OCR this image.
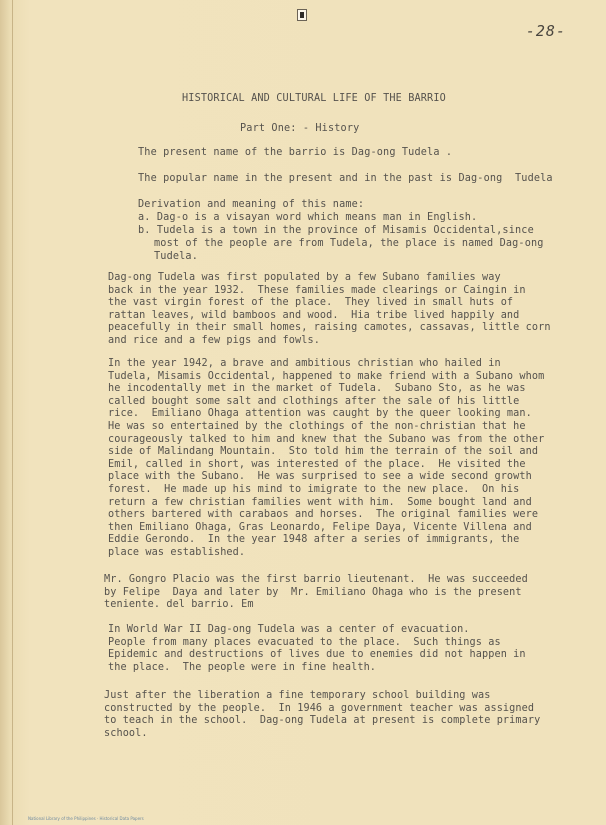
-28-
HISTORICAL AND CULTURAL LIFE OF THE BARRIO
Part One: - History
The present name of the barrio is Dag-ong Tudela .
The popular name in the present and in the past is Dag-ong  Tudela
Derivation and meaning of this name:
a. Dag-o is a visayan word which means man in English.
b. Tudela is a town in the province of Misamis Occidental,since
most of the people are from Tudela, the place is named Dag-ong
Tudela.
Dag-ong Tudela was first populated by a few Subano families way
back in the year 1932.  These families made clearings or Caingin in
the vast virgin forest of the place.  They lived in small huts of
rattan leaves, wild bamboos and wood.  Hia tribe lived happily and
peacefully in their small homes, raising camotes, cassavas, little corn
and rice and a few pigs and fowls.
In the year 1942, a brave and ambitious christian who hailed in
Tudela, Misamis Occidental, happened to make friend with a Subano whom
he incodentally met in the market of Tudela.  Subano Sto, as he was
called bought some salt and clothings after the sale of his little
rice.  Emiliano Ohaga attention was caught by the queer looking man.
He was so entertained by the clothings of the non-christian that he
courageously talked to him and knew that the Subano was from the other
side of Malindang Mountain.  Sto told him the terrain of the soil and
Emil, called in short, was interested of the place.  He visited the
place with the Subano.  He was surprised to see a wide second growth
forest.  He made up his mind to imigrate to the new place.  On his
return a few christian families went with him.  Some bought land and
others bartered with carabaos and horses.  The original families were
then Emiliano Ohaga, Gras Leonardo, Felipe Daya, Vicente Villena and
Eddie Gerondo.  In the year 1948 after a series of immigrants, the
place was established.
Mr. Gongro Placio was the first barrio lieutenant.  He was succeeded
by Felipe  Daya and later by  Mr. Emiliano Ohaga who is the present
teniente. del barrio. Em
In World War II Dag-ong Tudela was a center of evacuation.
People from many places evacuated to the place.  Such things as
Epidemic and destructions of lives due to enemies did not happen in
the place.  The people were in fine health.
Just after the liberation a fine temporary school building was
constructed by the people.  In 1946 a government teacher was assigned
to teach in the school.  Dag-ong Tudela at present is complete primary
school.
National Library of the Philippines · Historical Data Papers
